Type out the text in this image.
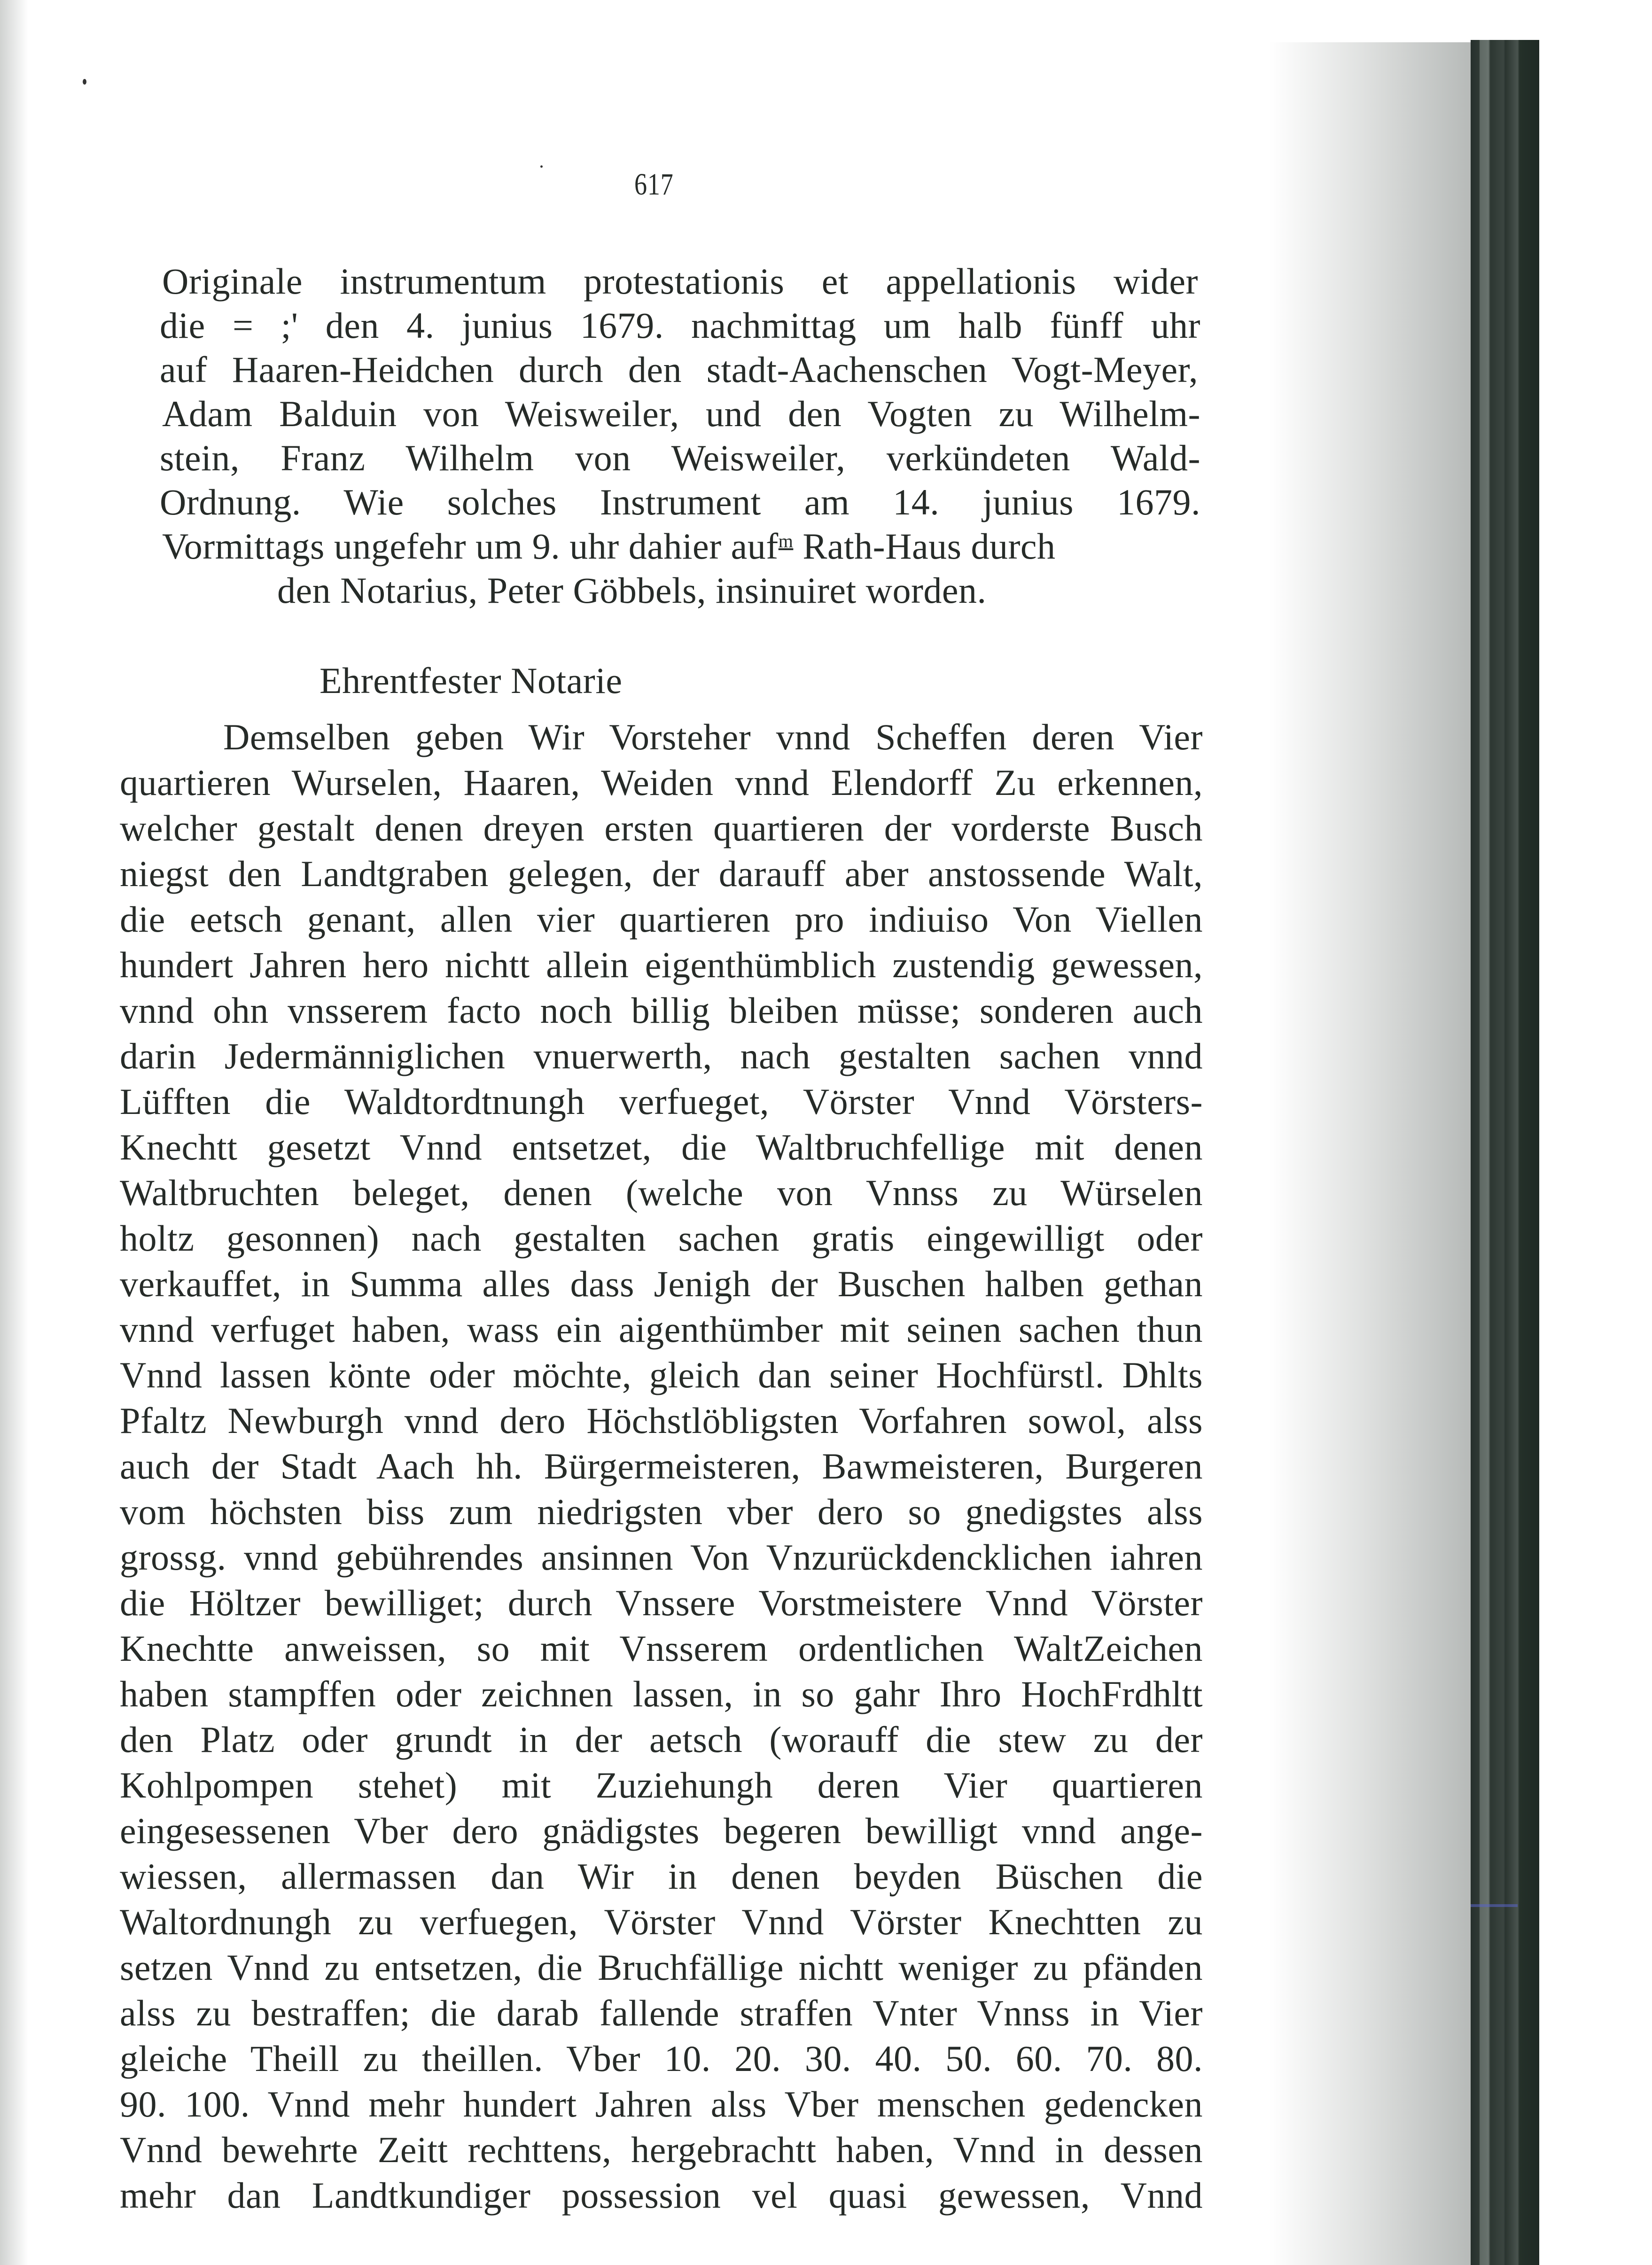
617
Originale instrumentum protestationis et appellationis wider
die = ;' den 4. junius 1679. nachmittag um halb fünff uhr
auf Haaren-Heidchen durch den stadt-Aachenschen Vogt-Meyer,
Adam Balduin von Weisweiler, und den Vogten zu Wilhelm-
stein, Franz Wilhelm von Weisweiler, verkündeten Wald-
Ordnung. Wie solches Instrument am 14. junius 1679.
Vormittags ungefehr um 9. uhr dahier auf$^m$ Rath-Haus durch
den Notarius, Peter Göbbels, insinuiret worden.
Ehrentfester Notarie
Demselben geben Wir Vorsteher vnnd Scheffen deren Vier
quartieren Wurselen, Haaren, Weiden vnnd Elendorff Zu erkennen,
welcher gestalt denen dreyen ersten quartieren der vorderste Busch
niegst den Landtgraben gelegen, der darauff aber anstossende Walt,
die eetsch genant, allen vier quartieren pro indiuiso Von Viellen
hundert Jahren hero nichtt allein eigenthümblich zustendig gewessen,
vnnd ohn vnsserem facto noch billig bleiben müsse; sonderen auch
darin Jedermänniglichen vnuerwerth, nach gestalten sachen vnnd
Lüfften die Waldtordtnungh verfueget, Vörster Vnnd Vörsters-
Knechtt gesetzt Vnnd entsetzet, die Waltbruchfellige mit denen
Waltbruchten beleget, denen (welche von Vnnss zu Würselen
holtz gesonnen) nach gestalten sachen gratis eingewilligt oder
verkauffet, in Summa alles dass Jenigh der Buschen halben gethan
vnnd verfuget haben, wass ein aigenthümber mit seinen sachen thun
Vnnd lassen könte oder möchte, gleich dan seiner Hochfürstl. Dhlts
Pfaltz Newburgh vnnd dero Höchstlöbligsten Vorfahren sowol, alss
auch der Stadt Aach hh. Bürgermeisteren, Bawmeisteren, Burgeren
vom höchsten biss zum niedrigsten vber dero so gnedigstes alss
grossg. vnnd gebührendes ansinnen Von Vnzurückdencklichen iahren
die Höltzer bewilliget; durch Vnssere Vorstmeistere Vnnd Vörster
Knechtte anweissen, so mit Vnsserem ordentlichen WaltZeichen
haben stampffen oder zeichnen lassen, in so gahr Ihro HochFrdhltt
den Platz oder grundt in der aetsch (worauff die stew zu der
Kohlpompen stehet) mit Zuziehungh deren Vier quartieren
eingesessenen Vber dero gnädigstes begeren bewilligt vnnd ange-
wiessen, allermassen dan Wir in denen beyden Büschen die
Waltordnungh zu verfuegen, Vörster Vnnd Vörster Knechtten zu
setzen Vnnd zu entsetzen, die Bruchfällige nichtt weniger zu pfänden
alss zu bestraffen; die darab fallende straffen Vnter Vnnss in Vier
gleiche Theill zu theillen. Vber 10. 20. 30. 40. 50. 60. 70. 80.
90. 100. Vnnd mehr hundert Jahren alss Vber menschen gedencken
Vnnd bewehrte Zeitt rechttens, hergebrachtt haben, Vnnd in dessen
mehr dan Landtkundiger possession vel quasi gewessen, Vnnd
